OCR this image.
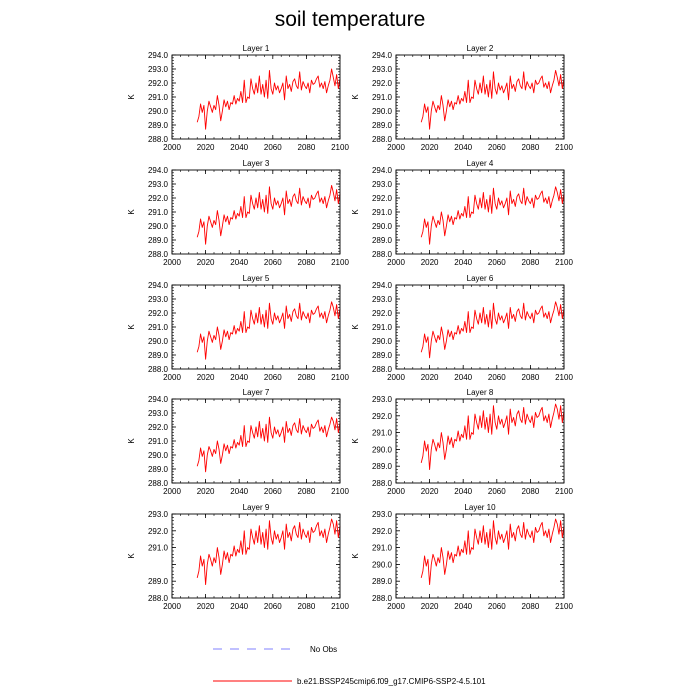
soil temperature
Layer 1
K
2000 2020 2040 2060 2080 2100
288.0
289.0
290.0
291.0
292.0
293.0
294.0
Layer 2
K
2000 2020 2040 2060 2080 2100
288.0
289.0
290.0
291.0
292.0
293.0
294.0
Layer 3
K
2000 2020 2040 2060 2080 2100
288.0
289.0
290.0
291.0
292.0
293.0
294.0
Layer 4
K
2000 2020 2040 2060 2080 2100
288.0
289.0
290.0
291.0
292.0
293.0
294.0
Layer 5
K
2000 2020 2040 2060 2080 2100
288.0
289.0
290.0
291.0
292.0
293.0
294.0
Layer 6
K
2000 2020 2040 2060 2080 2100
288.0
289.0
290.0
291.0
292.0
293.0
294.0
Layer 7
K
2000 2020 2040 2060 2080 2100
288.0
289.0
290.0
291.0
292.0
293.0
294.0
Layer 8
K
2000 2020 2040 2060 2080 2100
288.0
289.0
290.0
291.0
292.0
293.0
Layer 9
K
2000 2020 2040 2060 2080 2100
288.0
289.0
291.0
292.0
293.0
Layer 10
K
2000 2020 2040 2060 2080 2100
288.0
289.0
290.0
291.0
292.0
293.0
No Obs
b.e21.BSSP245cmip6.f09_g17.CMIP6-SSP2-4.5.101
